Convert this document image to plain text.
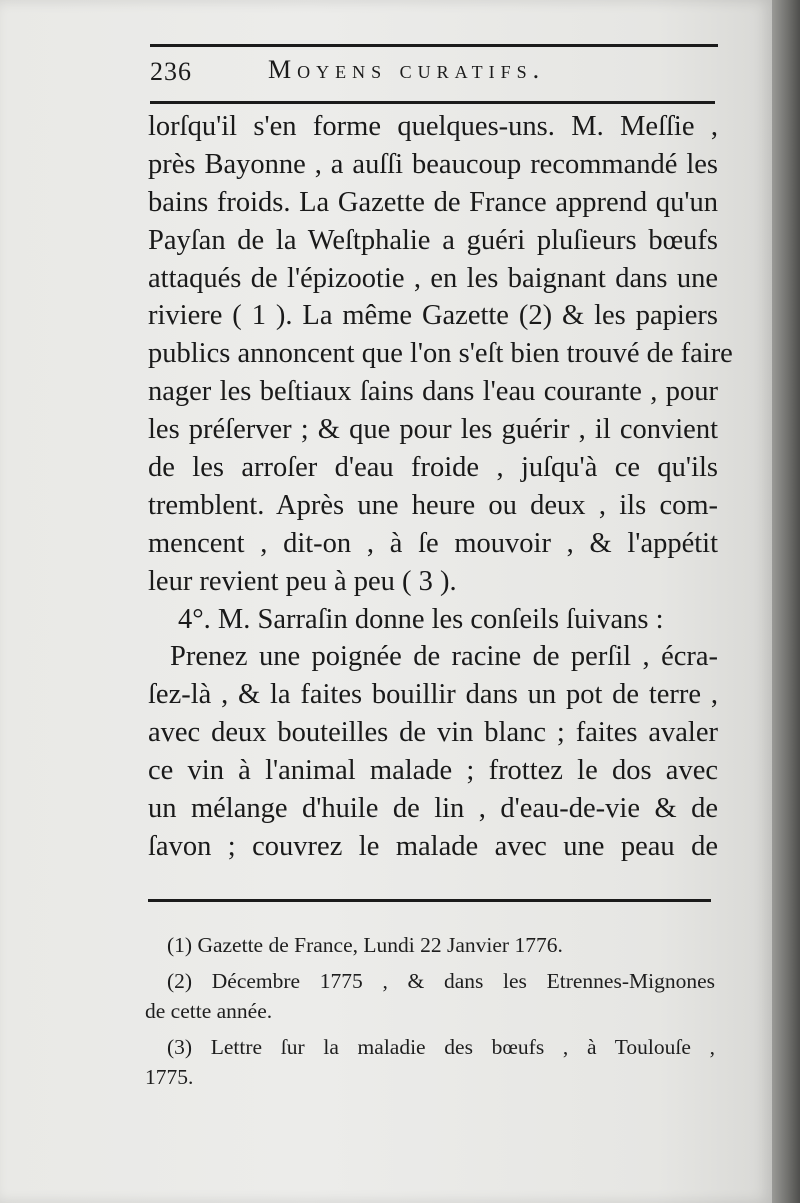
236	Moyens curatifs.
lorſqu'il s'en forme quelques-uns. M. Meſſie ,
près Bayonne , a auſſi beaucoup recommandé les
bains froids. La Gazette de France apprend qu'un
Payſan de la Weſtphalie a guéri pluſieurs bœufs
attaqués de l'épizootie , en les baignant dans une
riviere ( 1 ). La même Gazette (2) & les papiers
publics annoncent que l'on s'eſt bien trouvé de faire
nager les beſtiaux ſains dans l'eau courante , pour
les préſerver ; & que pour les guérir , il convient
de les arroſer d'eau froide , juſqu'à ce qu'ils
tremblent. Après une heure ou deux , ils com-
mencent , dit-on , à ſe mouvoir , & l'appétit
leur revient peu à peu ( 3 ).
4°. M. Sarraſin donne les conſeils ſuivans :
Prenez une poignée de racine de perſil , écra-
ſez-là , & la faites bouillir dans un pot de terre ,
avec deux bouteilles de vin blanc ; faites avaler
ce vin à l'animal malade ; frottez le dos avec
un mélange d'huile de lin , d'eau-de-vie & de
ſavon ; couvrez le malade avec une peau de
(1) Gazette de France, Lundi 22 Janvier 1776.
(2) Décembre 1775 , & dans les Etrennes-Mignones
de cette année.
(3) Lettre ſur la maladie des bœufs , à Toulouſe ,
1775.
